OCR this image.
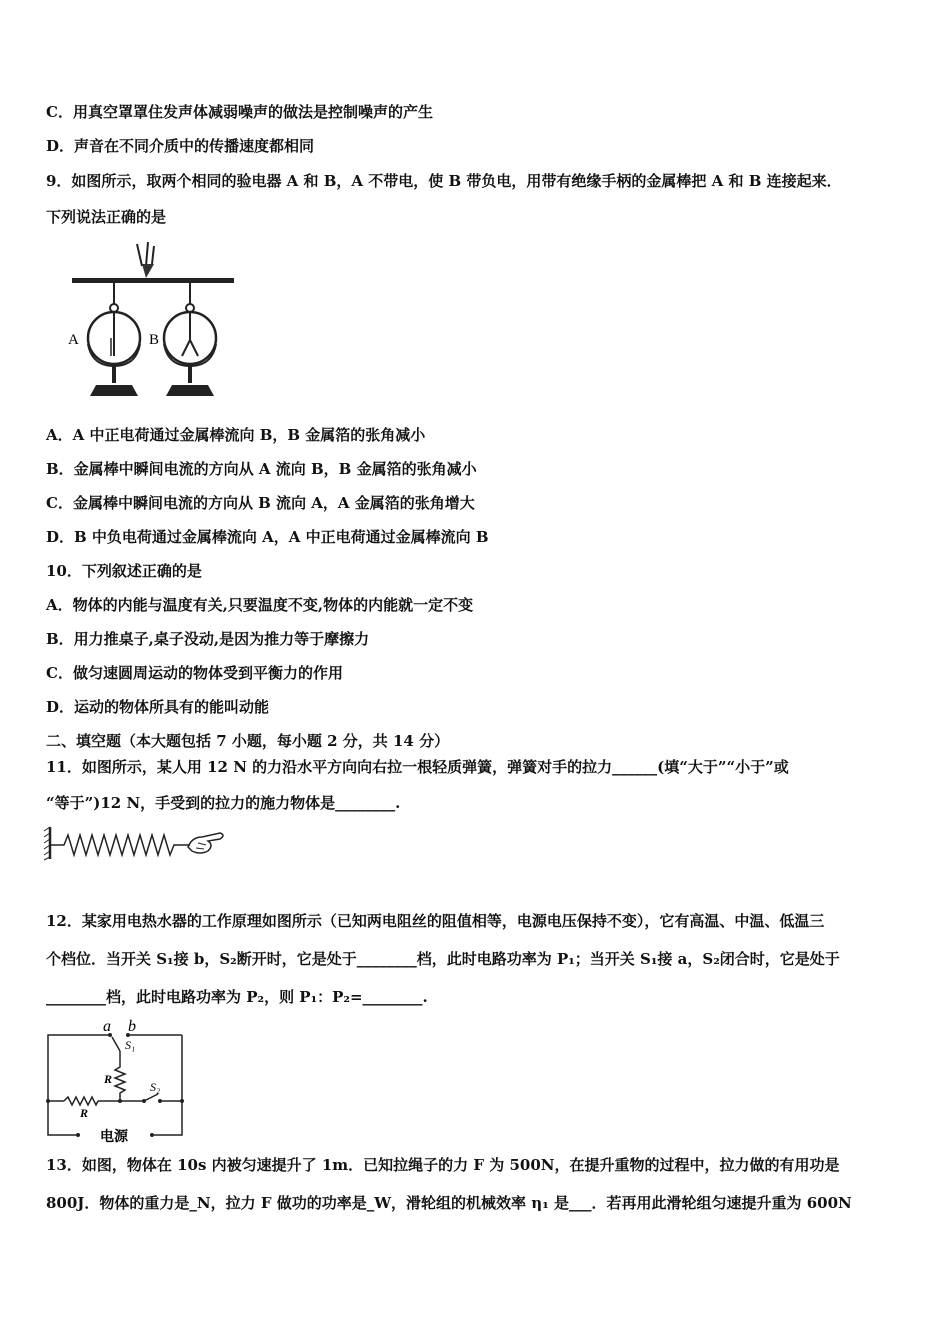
C．用真空罩罩住发声体减弱噪声的做法是控制噪声的产生
D．声音在不同介质中的传播速度都相同
9．如图所示，取两个相同的验电器 A 和 B，A 不带电，使 B 带负电，用带有绝缘手柄的金属棒把 A 和 B 连接起来．
下列说法正确的是
A	B
A．A 中正电荷通过金属棒流向 B，B 金属箔的张角减小
B．金属棒中瞬间电流的方向从 A 流向 B，B 金属箔的张角减小
C．金属棒中瞬间电流的方向从 B 流向 A，A 金属箔的张角增大
D．B 中负电荷通过金属棒流向 A，A 中正电荷通过金属棒流向 B
10．下列叙述正确的是
A．物体的内能与温度有关,只要温度不变,物体的内能就一定不变
B．用力推桌子,桌子没动,是因为推力等于摩擦力
C．做匀速圆周运动的物体受到平衡力的作用
D．运动的物体所具有的能叫动能
二、填空题（本大题包括 7 小题，每小题 2 分，共 14 分）
11．如图所示，某人用 12 N 的力沿水平方向向右拉一根轻质弹簧，弹簧对手的拉力______(填“大于”“小于”或
“等于”)12 N，手受到的拉力的施力物体是________.
12．某家用电热水器的工作原理如图所示（已知两电阻丝的阻值相等，电源电压保持不变），它有高温、中温、低温三
个档位．当开关 S₁接 b，S₂断开时，它是处于________档，此时电路功率为 P₁；当开关 S₁接 a，S₂闭合时，它是处于
________档，此时电路功率为 P₂，则 P₁：P₂=________.
a b
S₁
R
S₂
R
电源
13．如图，物体在 10s 内被匀速提升了 1m．已知拉绳子的力 F 为 500N，在提升重物的过程中，拉力做的有用功是
800J．物体的重力是_N，拉力 F 做功的功率是_W，滑轮组的机械效率 η₁ 是___．若再用此滑轮组匀速提升重为 600N
